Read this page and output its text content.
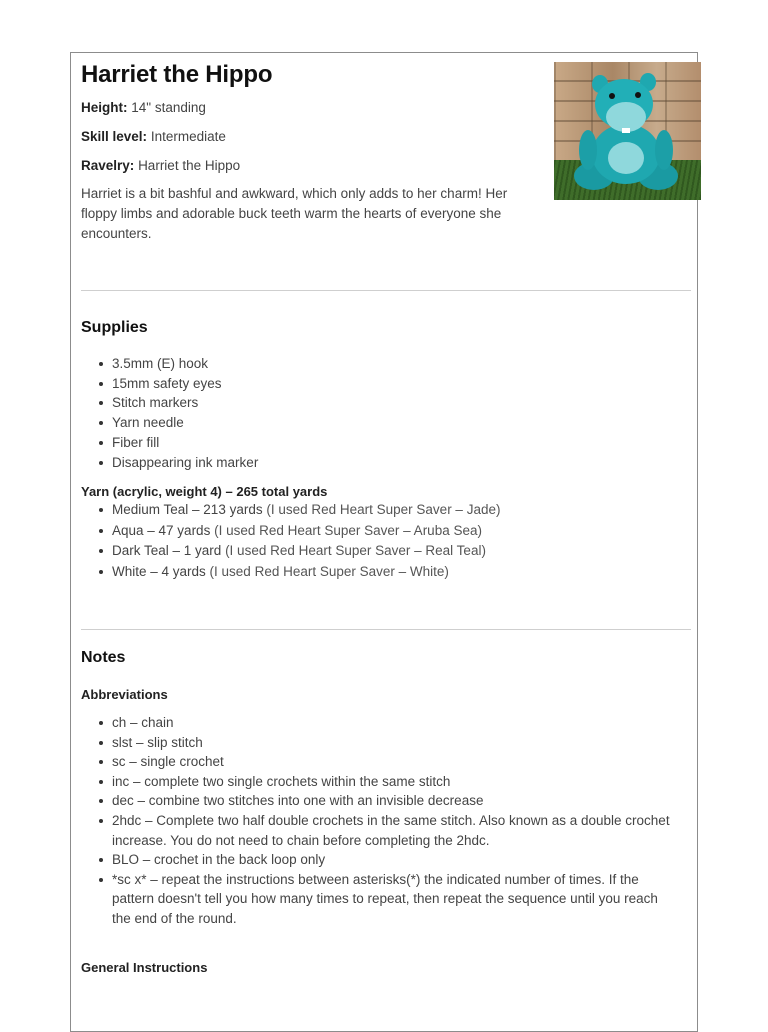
Harriet the Hippo

Height: 14" standing

Skill level: Intermediate

Ravelry: Harriet the Hippo

Harriet is a bit bashful and awkward, which only adds to her charm! Her floppy limbs and adorable buck teeth warm the hearts of everyone she encounters.

Supplies
3.5mm (E) hook
15mm safety eyes
Stitch markers
Yarn needle
Fiber fill
Disappearing ink marker
Yarn (acrylic, weight 4) – 265 total yards
Medium Teal – 213 yards (I used Red Heart Super Saver – Jade)
Aqua – 47 yards (I used Red Heart Super Saver – Aruba Sea)
Dark Teal – 1 yard (I used Red Heart Super Saver – Real Teal)
White – 4 yards (I used Red Heart Super Saver – White)
Notes
Abbreviations
ch – chain
slst – slip stitch
sc – single crochet
inc – complete two single crochets within the same stitch
dec – combine two stitches into one with an invisible decrease
2hdc – Complete two half double crochets in the same stitch. Also known as a double crochet increase. You do not need to chain before completing the 2hdc.
BLO – crochet in the back loop only
*sc x* – repeat the instructions between asterisks(*) the indicated number of times. If the pattern doesn't tell you how many times to repeat, then repeat the sequence until you reach the end of the round.
General Instructions
